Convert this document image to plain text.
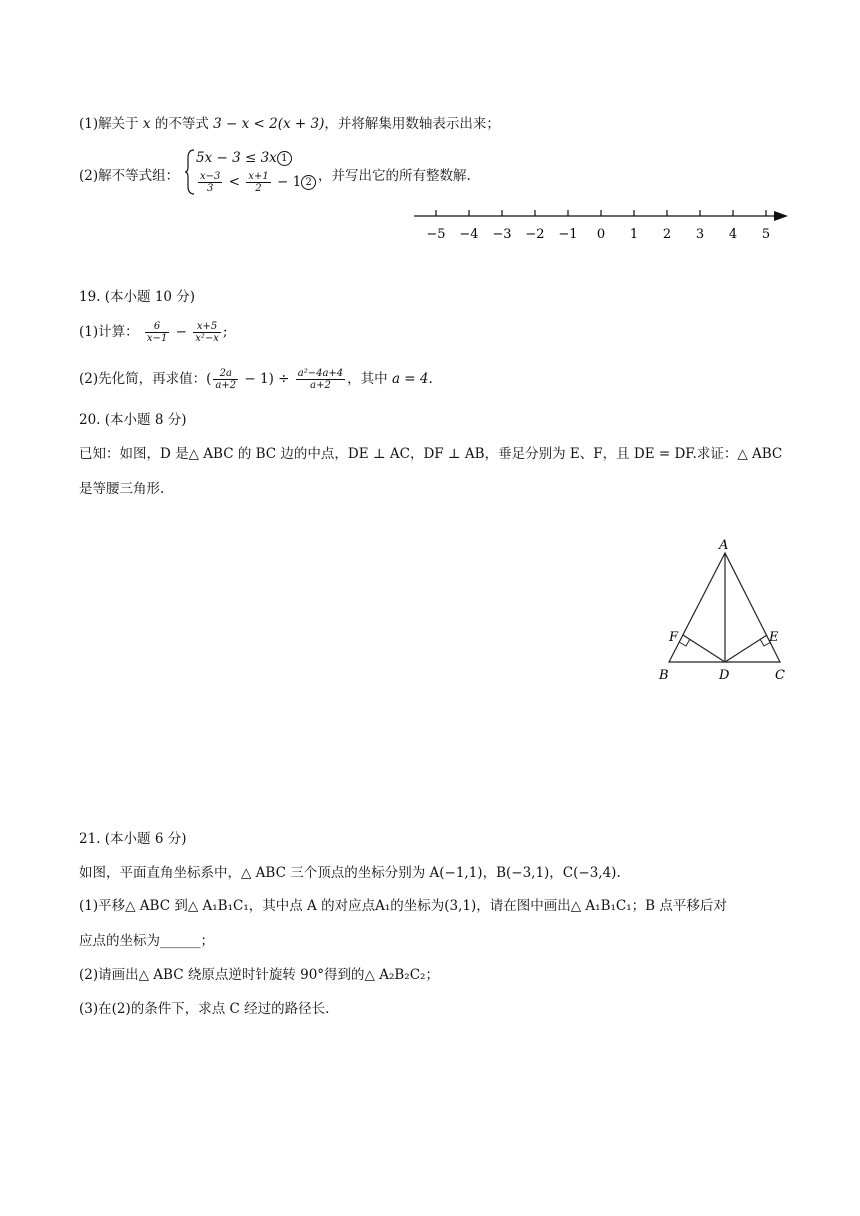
(1)解关于 x 的不等式 3 − x < 2(x + 3)，并将解集用数轴表示出来；
(2)解不等式组：
5x − 3 ≤ 3x 1
$\frac{x-3}{3} < \frac{x+1}{2} - 1$ 2 ，并写出它的所有整数解.
−5 −4 −3 −2 −1 0 1 2 3 4 5
19. (本小题 10 分)
(1)计算： $\frac{6}{x-1} - \frac{x+5}{\text{x²−x}}$ ;
(2)先化简，再求值：( $\frac{2a}{a+2} - 1) \div \frac{\text{a²−4a+4}}{a+2}$ ，其中 a = 4.
20. (本小题 8 分)
已知：如图，D 是△ ABC 的 BC 边的中点，DE ⊥ AC，DF ⊥ AB，垂足分别为 E、F，且 DE = DF.求证：△ ABC
是等腰三角形.
A
B	C
D
E
F
21. (本小题 6 分)
如图，平面直角坐标系中，△ ABC 三个顶点的坐标分别为 A(−1,1)，B(−3,1)，C(−3,4).
(1)平移△ ABC 到△ A₁B₁C₁，其中点 A 的对应点A₁的坐标为(3,1)，请在图中画出△ A₁B₁C₁；B 点平移后对
应点的坐标为______；
(2)请画出△ ABC 绕原点逆时针旋转 90°得到的△ A₂B₂C₂；
(3)在(2)的条件下，求点 C 经过的路径长.
